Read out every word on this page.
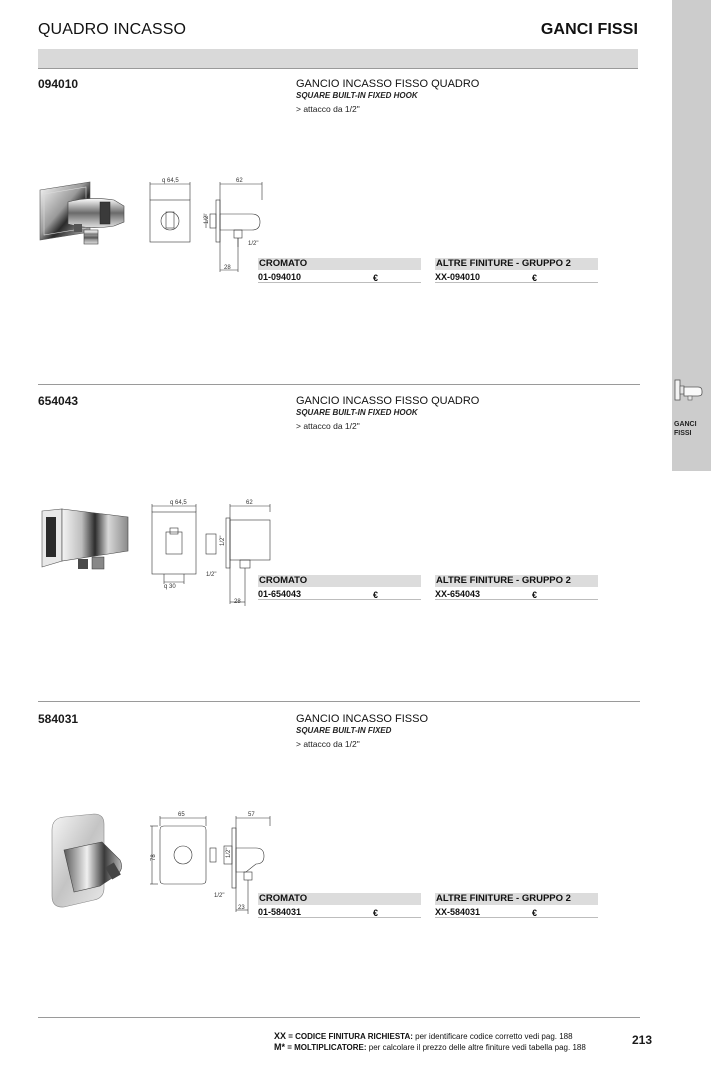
QUADRO INCASSO	GANCI FISSI
GANCI
FISSI
094010	GANCIO INCASSO FISSO QUADRO
SQUARE BUILT-IN FIXED HOOK
> attacco da 1/2"
q 64,5	62
1/2"
1/2"
28	CROMATO
01-094010	€
ALTRE FINITURE - GRUPPO 2
XX-094010	€
654043	GANCIO INCASSO FISSO QUADRO
SQUARE BUILT-IN FIXED HOOK
> attacco da 1/2"
q 64,5	62
q 30
1/2"
1/2"
28
CROMATO
01-654043	€
ALTRE FINITURE - GRUPPO 2
XX-654043	€
584031	GANCIO INCASSO FISSO
SQUARE BUILT-IN FIXED
> attacco da 1/2"
65
78
57
1/2"
1/2"
23
CROMATO
01-584031	€
ALTRE FINITURE - GRUPPO 2
XX-584031	€
XX = CODICE FINITURA RICHIESTA: per identificare codice corretto vedi pag. 188
M* = MOLTIPLICATORE: per calcolare il prezzo delle altre finiture vedi tabella pag. 188
213
